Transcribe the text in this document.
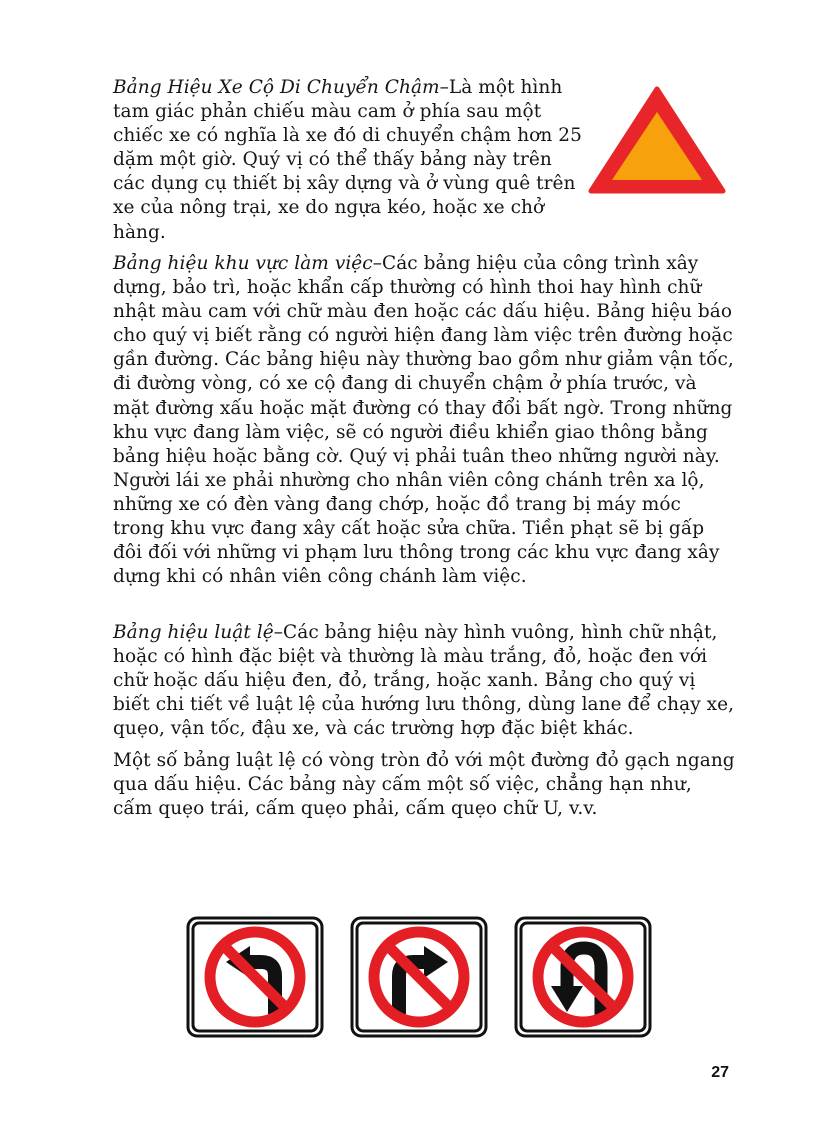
Bảng Hiệu Xe Cộ Di Chuyển Chậm–Là một hình tam giác phản chiếu màu cam ở phía sau một chiếc xe có nghĩa là xe đó di chuyển chậm hơn 25 dặm một giờ. Quý vị có thể thấy bảng này trên các dụng cụ thiết bị xây dựng và ở vùng quê trên xe của nông trại, xe do ngựa kéo, hoặc xe chở hàng.

Bảng hiệu khu vực làm việc–Các bảng hiệu của công trình xây dựng, bảo trì, hoặc khẩn cấp thường có hình thoi hay hình chữ nhật màu cam với chữ màu đen hoặc các dấu hiệu. Bảng hiệu báo cho quý vị biết rằng có người hiện đang làm việc trên đường hoặc gần đường. Các bảng hiệu này thường bao gồm như giảm vận tốc, đi đường vòng, có xe cộ đang di chuyển chậm ở phía trước, và mặt đường xấu hoặc mặt đường có thay đổi bất ngờ. Trong những khu vực đang làm việc, sẽ có người điều khiển giao thông bằng bảng hiệu hoặc bằng cờ. Quý vị phải tuân theo những người này. Người lái xe phải nhường cho nhân viên công chánh trên xa lộ, những xe có đèn vàng đang chớp, hoặc đồ trang bị máy móc trong khu vực đang xây cất hoặc sửa chữa. Tiền phạt sẽ bị gấp đôi đối với những vi phạm lưu thông trong các khu vực đang xây dựng khi có nhân viên công chánh làm việc.

Bảng hiệu luật lệ–Các bảng hiệu này hình vuông, hình chữ nhật, hoặc có hình đặc biệt và thường là màu trắng, đỏ, hoặc đen với chữ hoặc dấu hiệu đen, đỏ, trắng, hoặc xanh. Bảng cho quý vị biết chi tiết về luật lệ của hướng lưu thông, dùng lane để chạy xe, quẹo, vận tốc, đậu xe, và các trường hợp đặc biệt khác.

Một số bảng luật lệ có vòng tròn đỏ với một đường đỏ gạch ngang qua dấu hiệu. Các bảng này cấm một số việc, chẳng hạn như, cấm quẹo trái, cấm quẹo phải, cấm quẹo chữ U, v.v.

27
